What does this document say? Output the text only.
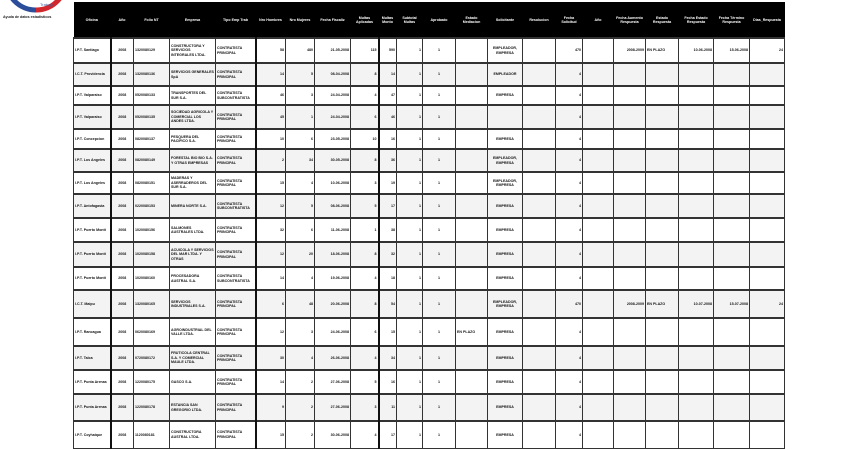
Trabajo
Ayuda de datos estadisticos
Oficina	Año	Folio NT	Empresa	Tipo Emp Trab	Nro Hombres	Nro Mujeres	Fecha Fiscaliz	Multas Aplicadas	Multas Monto	Subtotal Multas	Aprobado	Estado Mediacion	Solicitante	Resolucion	Fecha Solicitud	Año	Fecha Aumento Respuesta	Estado Respuesta	Fecha Estado Respuesta	Fecha Término Respuesta	Dias_Respuesta
I.P.T. Santiago	2008	1320080129	CONSTRUCTORA Y SERVICIOS INTEGRALES LTDA.	CONTRATISTA PRINCIPAL	58	480	21-05-2008	115	590	1	1		EMPLEADOR, EMPRESA		470		2008-2009	EN PLAZO	10-06-2008	15-06-2008	24
I.C.T. Providencia	2008	1320080136	SERVICIOS GENERALES SpA	CONTRATISTA PRINCIPAL	14	5	08-04-2008	8	14	1	1		EMPLEADOR		4						
I.P.T. Valparaiso	2008	0520080133	TRANSPORTES DEL SUR S.A.	CONTRATISTA SUBCONTRATISTA	46	3	24-04-2008	4	47	1	1		EMPRESA		4						
I.P.T. Valparaiso	2008	0520080135	SOCIEDAD AGRICOLA Y COMERCIAL LOS ANDES LTDA.	CONTRATISTA PRINCIPAL	45	1	24-04-2008	6	46	1	1				4						
I.P.T. Concepcion	2008	0820080137	PESQUERA DEL PACIFICO S.A.	CONTRATISTA PRINCIPAL	10	6	23-05-2008	10	16	1	1		EMPRESA		4						
I.P.T. Los Angeles	2008	0820080149	FORESTAL BIO BIO S.A. Y OTRAS EMPRESAS	CONTRATISTA PRINCIPAL	2	34	30-05-2008	8	36	1	1		EMPLEADOR, EMPRESA		4						
I.P.T. Los Angeles	2008	0820080151	MADERAS Y ASERRADEROS DEL SUR S.A.	CONTRATISTA PRINCIPAL	15	4	10-06-2008	3	19	1	1		EMPLEADOR, EMPRESA		4						
I.P.T. Antofagasta	2008	0220080153	MINERA NORTE S.A.	CONTRATISTA SUBCONTRATISTA	12	5	08-06-2008	5	17	1	1		EMPRESA		4						
I.P.T. Puerto Montt	2008	1020080156	SALMONES AUSTRALES LTDA.	CONTRATISTA PRINCIPAL	32	6	11-06-2008	1	38	1	1		EMPRESA		4						
I.P.T. Puerto Montt	2008	1020080158	ACUICOLA Y SERVICIOS DEL MAR LTDA. Y OTRAS	CONTRATISTA PRINCIPAL	12	20	18-06-2008	8	32	1	1		EMPRESA		4						
I.P.T. Puerto Montt	2008	1020080160	PROCESADORA AUSTRAL S.A.	CONTRATISTA SUBCONTRATISTA	14	4	19-06-2008	4	18	1	1		EMPRESA		4						
I.C.T. Maipu	2008	1320080165	SERVICIOS INDUSTRIALES S.A.	CONTRATISTA PRINCIPAL	6	48	20-06-2008	8	54	1	1		EMPLEADOR, EMPRESA		470		2008-2009	EN PLAZO	10-07-2008	15-07-2008	24
I.P.T. Rancagua	2008	0620080169	AGROINDUSTRIAL DEL VALLE LTDA.	CONTRATISTA PRINCIPAL	12	3	24-06-2008	6	15	1	1	EN PLAZO	EMPRESA		4						
I.P.T. Talca	2008	0720080172	FRUTICOLA CENTRAL S.A. Y COMERCIAL MAULE LTDA.	CONTRATISTA PRINCIPAL	30	4	26-06-2008	4	34	1	1		EMPRESA		4						
I.P.T. Punta Arenas	2008	1220080175	GASCO S.A.	CONTRATISTA PRINCIPAL	14	2	27-06-2008	5	16	1	1		EMPRESA		4						
I.P.T. Punta Arenas	2008	1220080178	ESTANCIA SAN GREGORIO LTDA.	CONTRATISTA PRINCIPAL	9	2	27-06-2008	3	11	1	1		EMPRESA		4						
I.P.T. Coyhaique	2008	1120080181	CONSTRUCTORA AUSTRAL LTDA.	CONTRATISTA PRINCIPAL	15	2	30-06-2008	4	17	1	1		EMPRESA		4						
